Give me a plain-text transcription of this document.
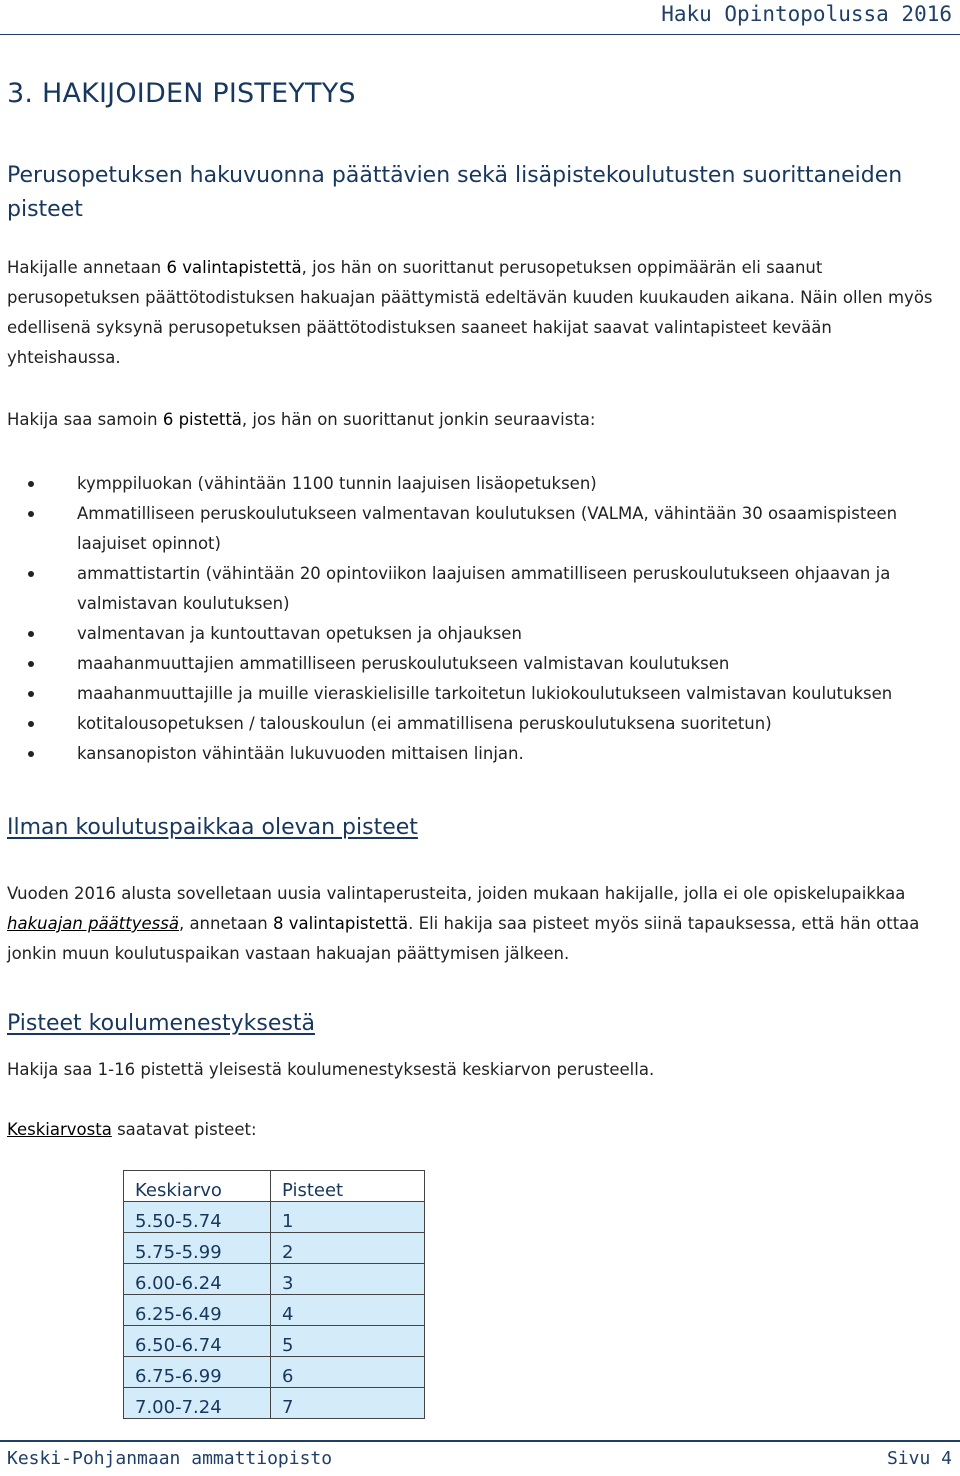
Haku Opintopolussa 2016
3. HAKIJOIDEN PISTEYTYS
Perusopetuksen hakuvuonna päättävien sekä lisäpistekoulutusten suorittaneiden pisteet

Hakijalle annetaan 6 valintapistettä, jos hän on suorittanut perusopetuksen oppimäärän eli saanut perusopetuksen päättötodistuksen hakuajan päättymistä edeltävän kuuden kuukauden aikana. Näin ollen myös edellisenä syksynä perusopetuksen päättötodistuksen saaneet hakijat saavat valintapisteet kevään yhteishaussa.

Hakija saa samoin 6 pistettä, jos hän on suorittanut jonkin seuraavista:

kymppiluokan (vähintään 1100 tunnin laajuisen lisäopetuksen)
Ammatilliseen peruskoulutukseen valmentavan koulutuksen (VALMA, vähintään 30 osaamispisteen laajuiset opinnot)
ammattistartin (vähintään 20 opintoviikon laajuisen ammatilliseen peruskoulutukseen ohjaavan ja valmistavan koulutuksen)
valmentavan ja kuntouttavan opetuksen ja ohjauksen
maahanmuuttajien ammatilliseen peruskoulutukseen valmistavan koulutuksen
maahanmuuttajille ja muille vieraskielisille tarkoitetun lukiokoulutukseen valmistavan koulutuksen
kotitalousopetuksen / talouskoulun (ei ammatillisena peruskoulutuksena suoritetun)
kansanopiston vähintään lukuvuoden mittaisen linjan.
Ilman koulutuspaikkaa olevan pisteet

Vuoden 2016 alusta sovelletaan uusia valintaperusteita, joiden mukaan hakijalle, jolla ei ole opiskelupaikkaa hakuajan päättyessä, annetaan 8 valintapistettä. Eli hakija saa pisteet myös siinä tapauksessa, että hän ottaa jonkin muun koulutuspaikan vastaan hakuajan päättymisen jälkeen.

Pisteet koulumenestyksestä

Hakija saa 1-16 pistettä yleisestä koulumenestyksestä keskiarvon perusteella.

Keskiarvosta saatavat pisteet:

Keskiarvo	Pisteet
5.50-5.74	1
5.75-5.99	2
6.00-6.24	3
6.25-6.49	4
6.50-6.74	5
6.75-6.99	6
7.00-7.24	7
Keski-Pohjanmaan ammattiopisto	Sivu 4
